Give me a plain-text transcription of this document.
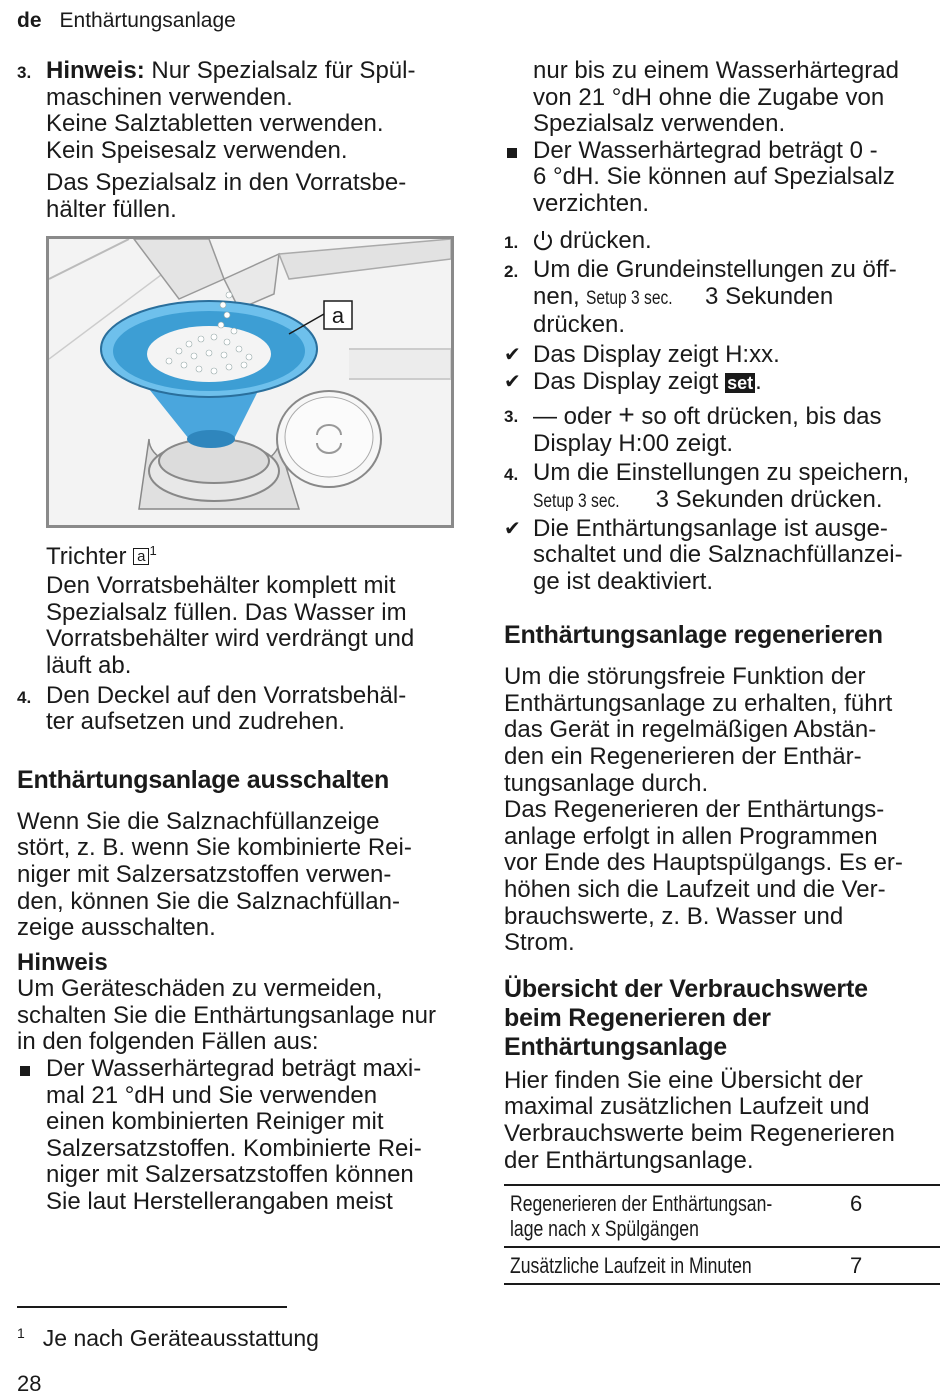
de Enthärtungsanlage
3. Hinweis: Nur Spezialsalz für Spül-
maschinen verwenden.
Keine Salztabletten verwenden.
Kein Speisesalz verwenden.
Das Spezialsalz in den Vorratsbe-
hälter füllen.
a
Trichter a $^1$
Den Vorratsbehälter komplett mit
Spezialsalz füllen. Das Wasser im
Vorratsbehälter wird verdrängt und
läuft ab.
4. Den Deckel auf den Vorratsbehäl-
ter aufsetzen und zudrehen.
Enthärtungsanlage ausschalten
Wenn Sie die Salznachfüllanzeige
stört, z. B. wenn Sie kombinierte Rei-
niger mit Salzersatzstoffen verwen-
den, können Sie die Salznachfüllan-
zeige ausschalten.
Hinweis
Um Geräteschäden zu vermeiden,
schalten Sie die Enthärtungsanlage nur
in den folgenden Fällen aus:
Der Wasserhärtegrad beträgt maxi-
mal 21 °dH und Sie verwenden
einen kombinierten Reiniger mit
Salzersatzstoffen. Kombinierte Rei-
niger mit Salzersatzstoffen können
Sie laut Herstellerangaben meist
nur bis zu einem Wasserhärtegrad
von 21 °dH ohne die Zugabe von
Spezialsalz verwenden.
Der Wasserhärtegrad beträgt 0 -
6 °dH. Sie können auf Spezialsalz
verzichten.
1.	drücken.
2. Um die Grundeinstellungen zu öff-
nen, Setup 3 sec. 3 Sekunden
drücken.
✔ Das Display zeigt H:xx.
✔ Das Display zeigt set.
3. — oder + so oft drücken, bis das
Display H:00 zeigt.
4. Um die Einstellungen zu speichern,
Setup 3 sec. 3 Sekunden drücken.
✔ Die Enthärtungsanlage ist ausge-
schaltet und die Salznachfüllanzei-
ge ist deaktiviert.
Enthärtungsanlage regenerieren
Um die störungsfreie Funktion der
Enthärtungsanlage zu erhalten, führt
das Gerät in regelmäßigen Abstän-
den ein Regenerieren der Enthär-
tungsanlage durch.
Das Regenerieren der Enthärtungs-
anlage erfolgt in allen Programmen
vor Ende des Hauptspülgangs. Es er-
höhen sich die Laufzeit und die Ver-
brauchswerte, z. B. Wasser und
Strom.
Übersicht der Verbrauchswerte
beim Regenerieren der
Enthärtungsanlage
Hier finden Sie eine Übersicht der
maximal zusätzlichen Laufzeit und
Verbrauchswerte beim Regenerieren
der Enthärtungsanlage.
Regenerieren der Enthärtungsan-
lage nach x Spülgängen
6
Zusätzliche Laufzeit in Minuten	7
$^1$ Je nach Geräteausstattung
28
